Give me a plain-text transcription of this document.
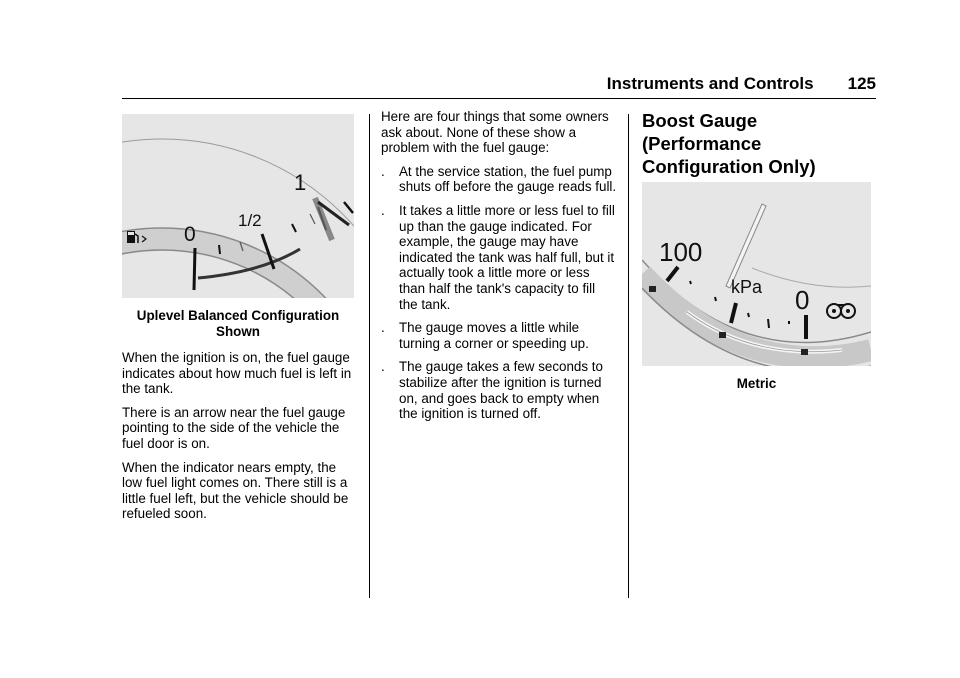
Instruments and Controls 125
0
1/2
1
Uplevel Balanced Configuration Shown

When the ignition is on, the fuel gauge indicates about how much fuel is left in the tank.

There is an arrow near the fuel gauge pointing to the side of the vehicle the fuel door is on.

When the indicator nears empty, the low fuel light comes on. There still is a little fuel left, but the vehicle should be refueled soon.

Here are four things that some owners ask about. None of these show a problem with the fuel gauge:

.	At the service station, the fuel pump shuts off before the gauge reads full.
.	It takes a little more or less fuel to fill up than the gauge indicated. For example, the gauge may have indicated the tank was half full, but it actually took a little more or less than half the tank's capacity to fill the tank.
.	The gauge moves a little while turning a corner or speeding up.
.	The gauge takes a few seconds to stabilize after the ignition is turned on, and goes back to empty when the ignition is turned off.
Boost Gauge (Performance Configuration Only)
100
kPa 0
Metric
